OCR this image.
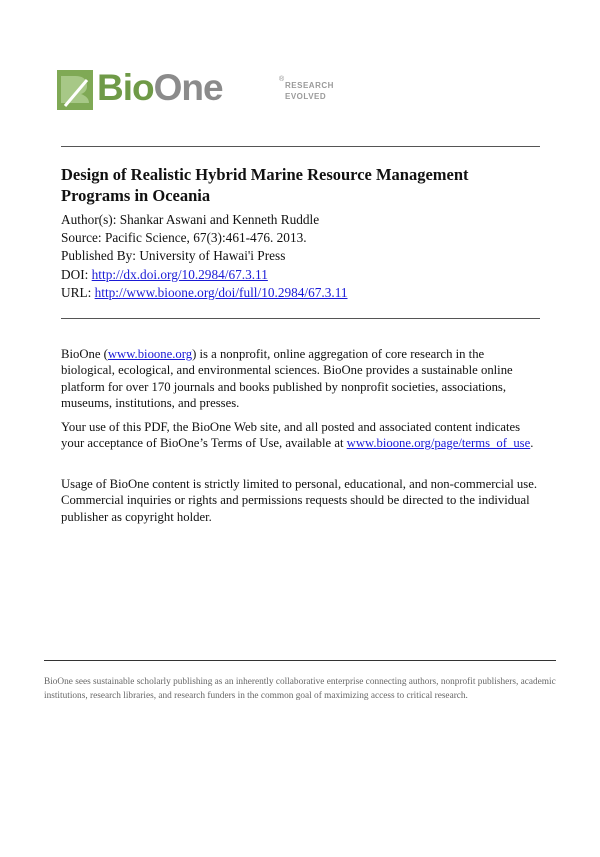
BioOne	®
RESEARCH
EVOLVED
Design of Realistic Hybrid Marine Resource Management Programs in Oceania
Author(s): Shankar Aswani and Kenneth Ruddle
Source: Pacific Science, 67(3):461-476. 2013.
Published By: University of Hawai'i Press
DOI: http://dx.doi.org/10.2984/67.3.11
URL: http://www.bioone.org/doi/full/10.2984/67.3.11

BioOne (www.bioone.org) is a nonprofit, online aggregation of core research in the biological, ecological, and environmental sciences. BioOne provides a sustainable online platform for over 170 journals and books published by nonprofit societies, associations, museums, institutions, and presses.

Your use of this PDF, the BioOne Web site, and all posted and associated content indicates your acceptance of BioOne’s Terms of Use, available at www.bioone.org/page/terms_of_use.

Usage of BioOne content is strictly limited to personal, educational, and non-commercial use. Commercial inquiries or rights and permissions requests should be directed to the individual publisher as copyright holder.

BioOne sees sustainable scholarly publishing as an inherently collaborative enterprise connecting authors, nonprofit publishers, academic institutions, research libraries, and research funders in the common goal of maximizing access to critical research.
